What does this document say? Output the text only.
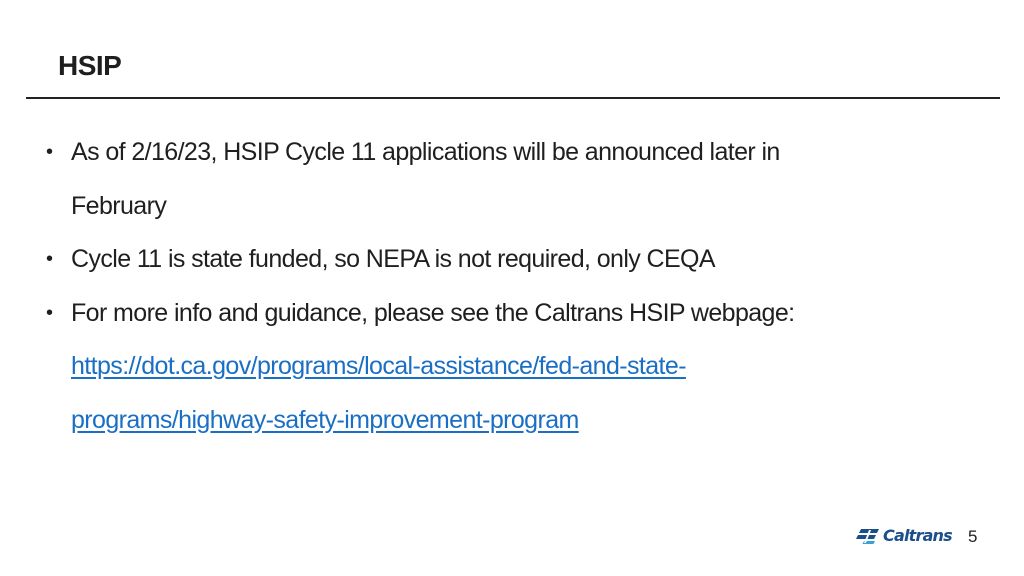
HSIP
• As of 2/16/23, HSIP Cycle 11 applications will be announced later in February
• Cycle 11 is state funded, so NEPA is not required, only CEQA
• For more info and guidance, please see the Caltrans HSIP webpage: https://dot.ca.gov/programs/local-assistance/fed-and-state-programs/highway-safety-improvement-program
Caltrans 5
